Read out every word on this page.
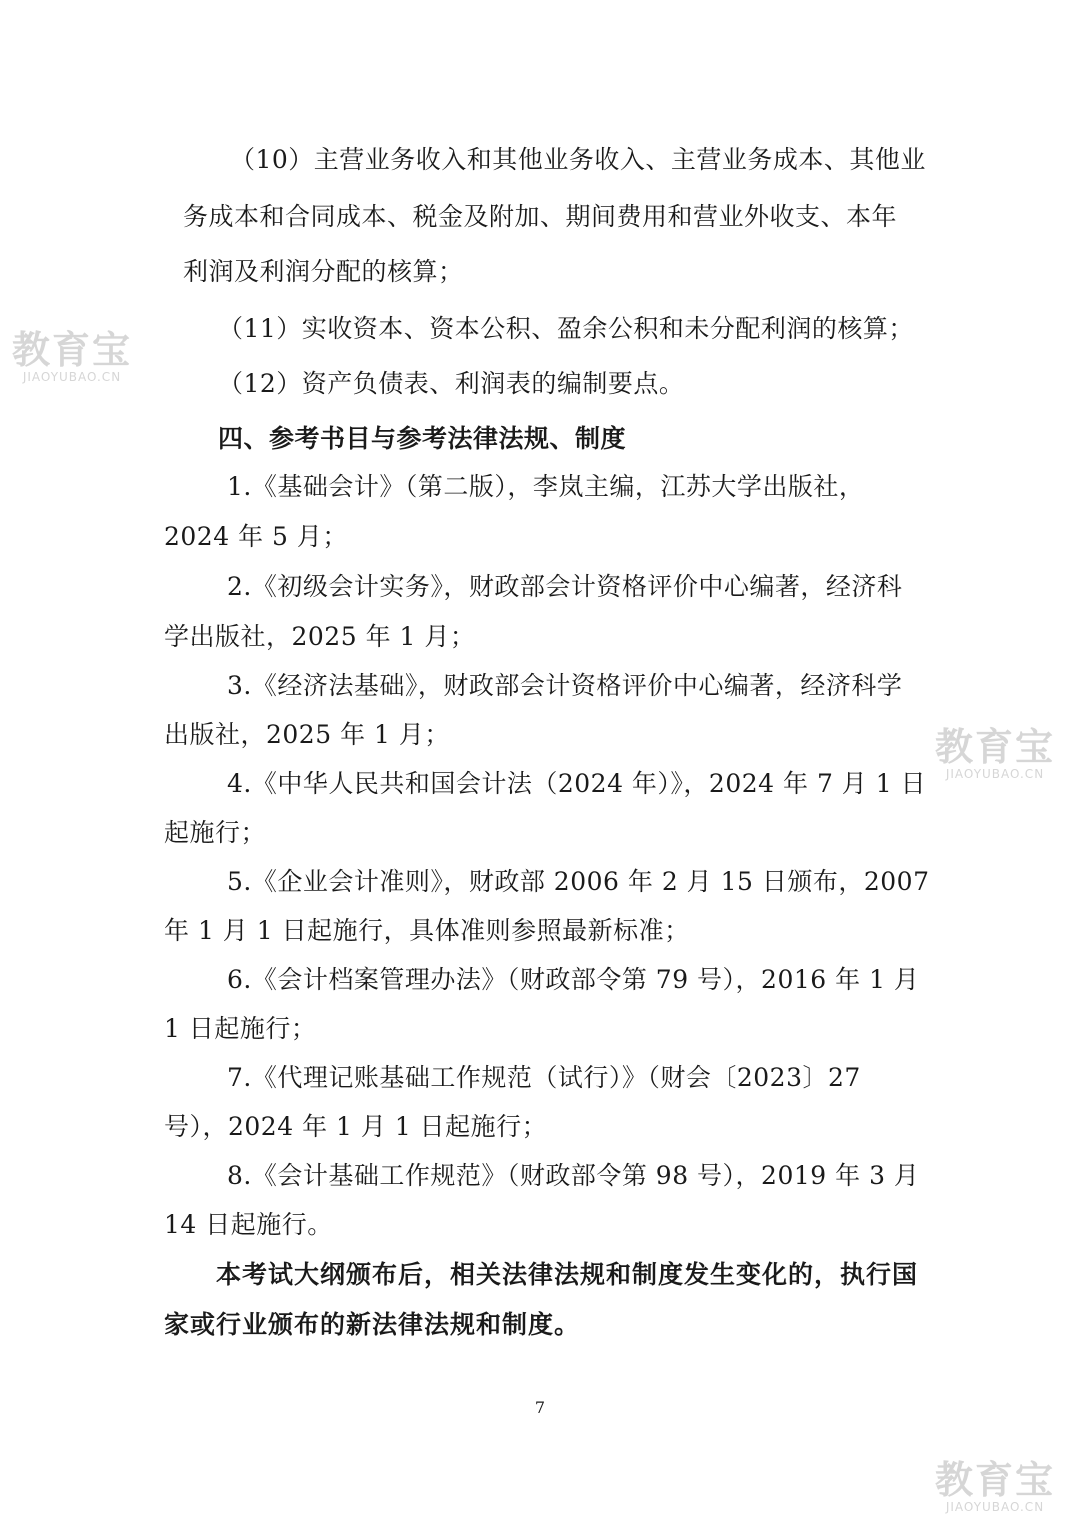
（10）主营业务收入和其他业务收入、主营业务成本、其他业
务成本和合同成本、税金及附加、期间费用和营业外收支、本年
利润及利润分配的核算；
（11）实收资本、资本公积、盈余公积和未分配利润的核算；
（12）资产负债表、利润表的编制要点。
四、参考书目与参考法律法规、制度
1.《基础会计》（第二版），李岚主编，江苏大学出版社，
2024 年 5 月；
2.《初级会计实务》，财政部会计资格评价中心编著，经济科
学出版社，2025 年 1 月；
3.《经济法基础》，财政部会计资格评价中心编著，经济科学
出版社，2025 年 1 月；
4.《中华人民共和国会计法（2024 年）》，2024 年 7 月 1 日
起施行；
5.《企业会计准则》，财政部 2006 年 2 月 15 日颁布，2007
年 1 月 1 日起施行，具体准则参照最新标准；
6.《会计档案管理办法》（财政部令第 79 号），2016 年 1 月
1 日起施行；
7.《代理记账基础工作规范（试行）》（财会〔2023〕27
号），2024 年 1 月 1 日起施行；
8.《会计基础工作规范》（财政部令第 98 号），2019 年 3 月
14 日起施行。
本考试大纲颁布后，相关法律法规和制度发生变化的，执行国
家或行业颁布的新法律法规和制度。
7
教育宝
JIAOYUBAO.CN
教育宝
JIAOYUBAO.CN
教育宝
JIAOYUBAO.CN
